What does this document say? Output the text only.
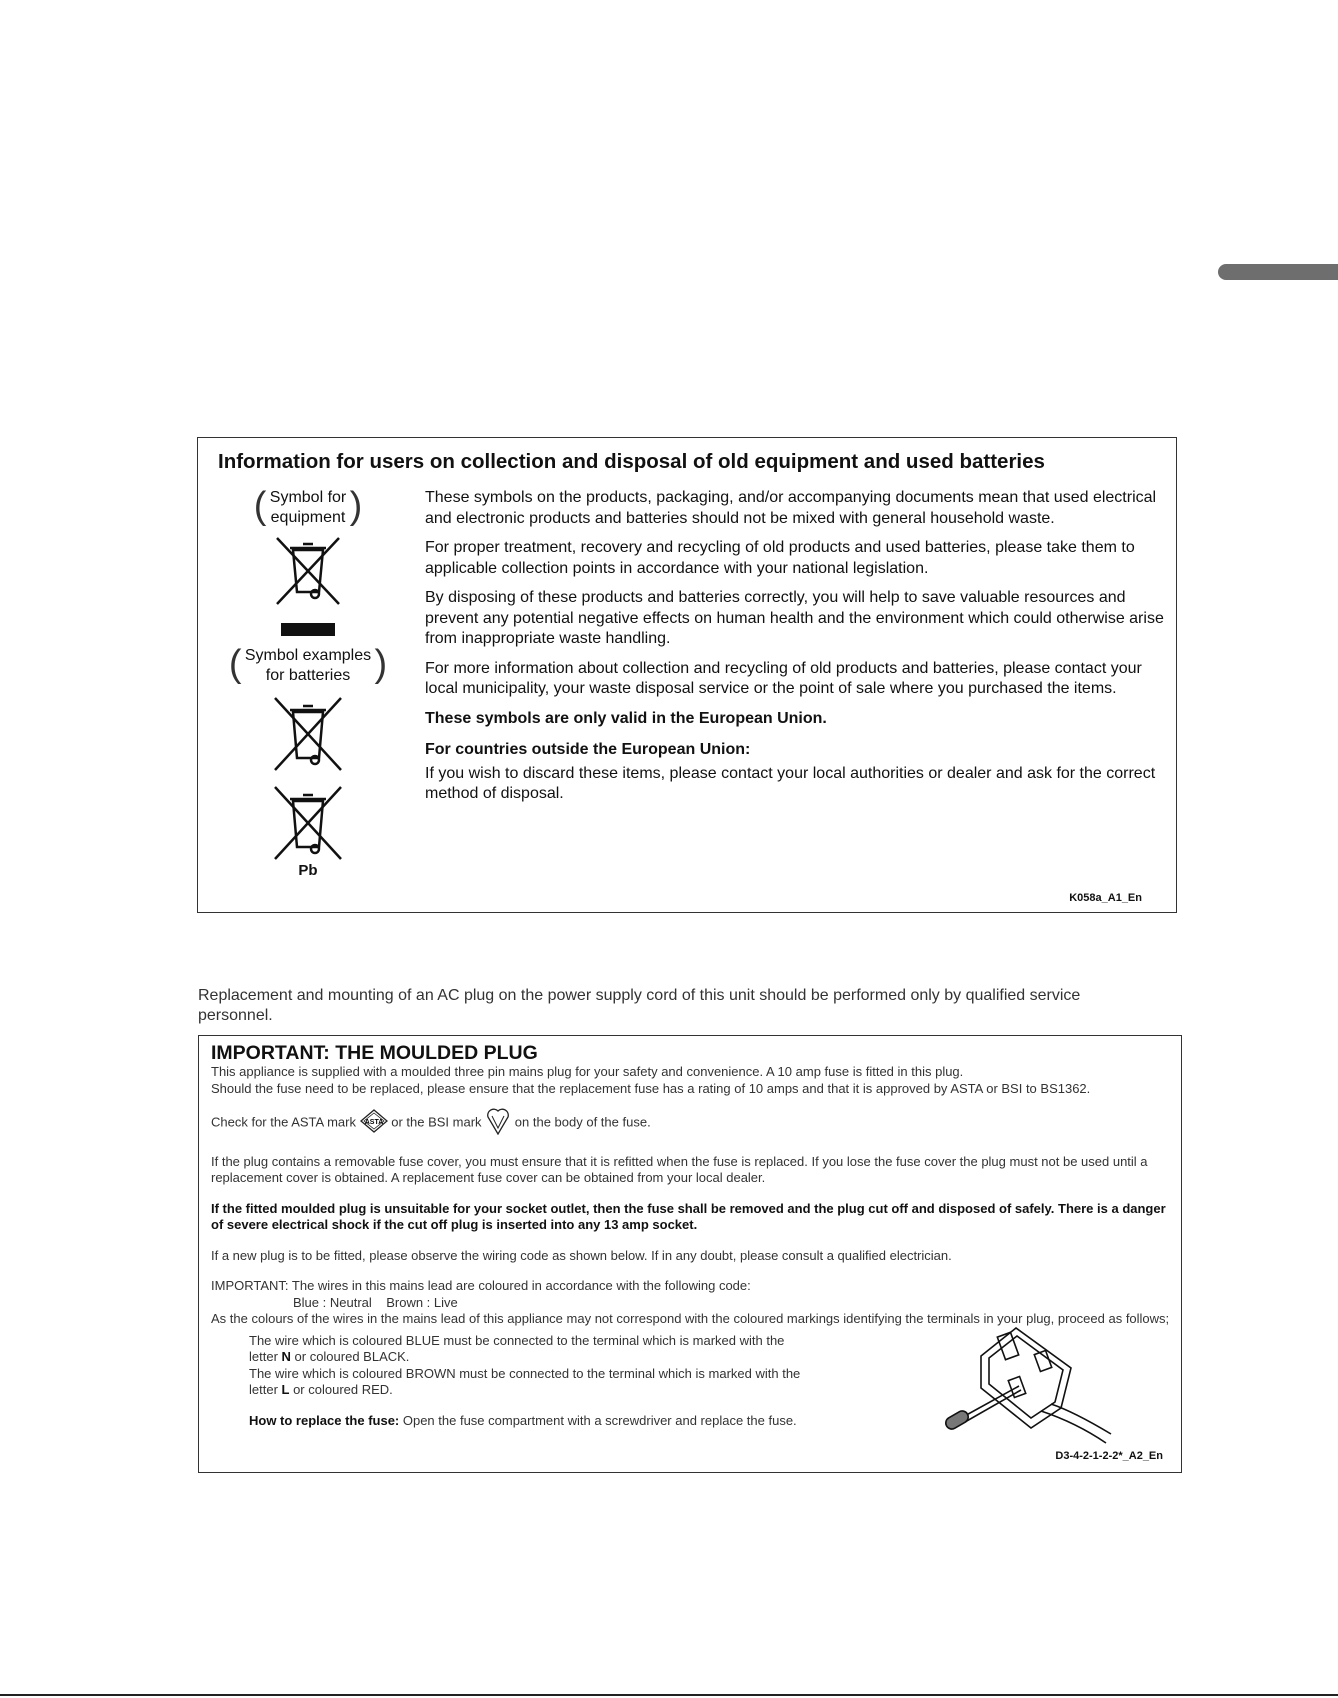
Information for users on collection and disposal of old equipment and used batteries
( Symbol for
equipment )
( Symbol examples
for batteries )
Pb

These symbols on the products, packaging, and/or accompanying documents mean that used electrical and electronic products and batteries should not be mixed with general household waste.

For proper treatment, recovery and recycling of old products and used batteries, please take them to applicable collection points in accordance with your national legislation.

By disposing of these products and batteries correctly, you will help to save valuable resources and prevent any potential negative effects on human health and the environment which could otherwise arise from inappropriate waste handling.

For more information about collection and recycling of old products and batteries, please contact your local municipality, your waste disposal service or the point of sale where you purchased the items.

These symbols are only valid in the European Union.

For countries outside the European Union:

If you wish to discard these items, please contact your local authorities or dealer and ask for the correct method of disposal.

K058a_A1_En
Replacement and mounting of an AC plug on the power supply cord of this unit should be performed only by qualified service personnel.
IMPORTANT: THE MOULDED PLUG

This appliance is supplied with a moulded three pin mains plug for your safety and convenience. A 10 amp fuse is fitted in this plug.

Should the fuse need to be replaced, please ensure that the replacement fuse has a rating of 10 amps and that it is approved by ASTA or BSI to BS1362.

Check for the ASTA mark ASTA or the BSI mark	on the body of the fuse.

If the plug contains a removable fuse cover, you must ensure that it is refitted when the fuse is replaced. If you lose the fuse cover the plug must not be used until a replacement cover is obtained. A replacement fuse cover can be obtained from your local dealer.

If the fitted moulded plug is unsuitable for your socket outlet, then the fuse shall be removed and the plug cut off and disposed of safely. There is a danger of severe electrical shock if the cut off plug is inserted into any 13 amp socket.

If a new plug is to be fitted, please observe the wiring code as shown below. If in any doubt, please consult a qualified electrician.

IMPORTANT: The wires in this mains lead are coloured in accordance with the following code:

Blue : Neutral    Brown : Live

As the colours of the wires in the mains lead of this appliance may not correspond with the coloured markings identifying the terminals in your plug, proceed as follows;

The wire which is coloured BLUE must be connected to the terminal which is marked with the

letter N or coloured BLACK.

The wire which is coloured BROWN must be connected to the terminal which is marked with the

letter L or coloured RED.

How to replace the fuse: Open the fuse compartment with a screwdriver and replace the fuse.

D3-4-2-1-2-2*_A2_En
